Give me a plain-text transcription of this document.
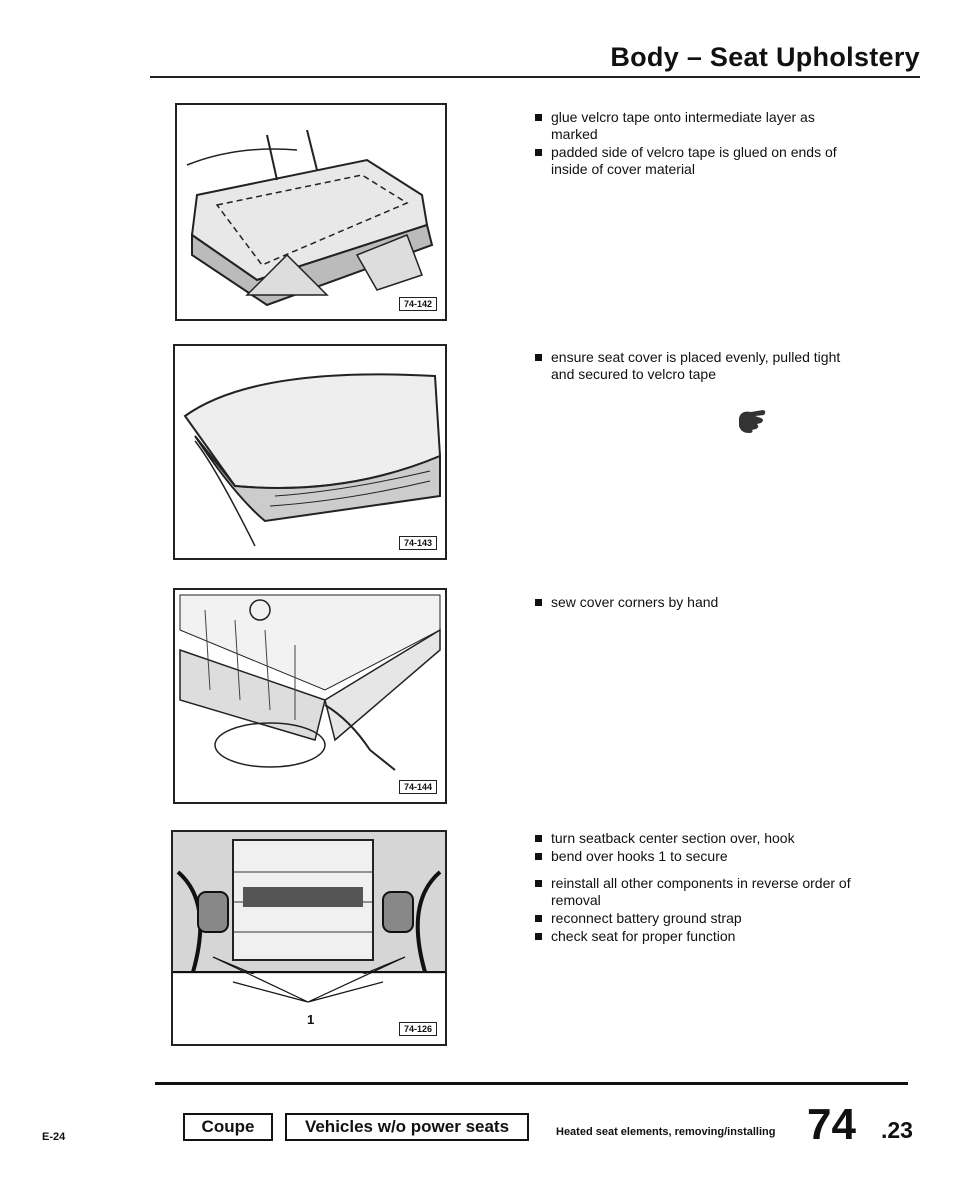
Body – Seat Upholstery
74-142
74-143
74-144
1
74-126
glue velcro tape onto intermediate layer as marked
padded side of velcro tape is glued on ends of inside of cover material
ensure seat cover is placed evenly, pulled tight and secured to velcro tape
sew cover corners by hand
turn seatback center section over, hook
bend over hooks 1 to secure
reinstall all other components in reverse order of removal
reconnect battery ground strap
check seat for proper function
E-24
Coupe	Vehicles w/o power seats	Heated seat elements, removing/installing 74 .23
